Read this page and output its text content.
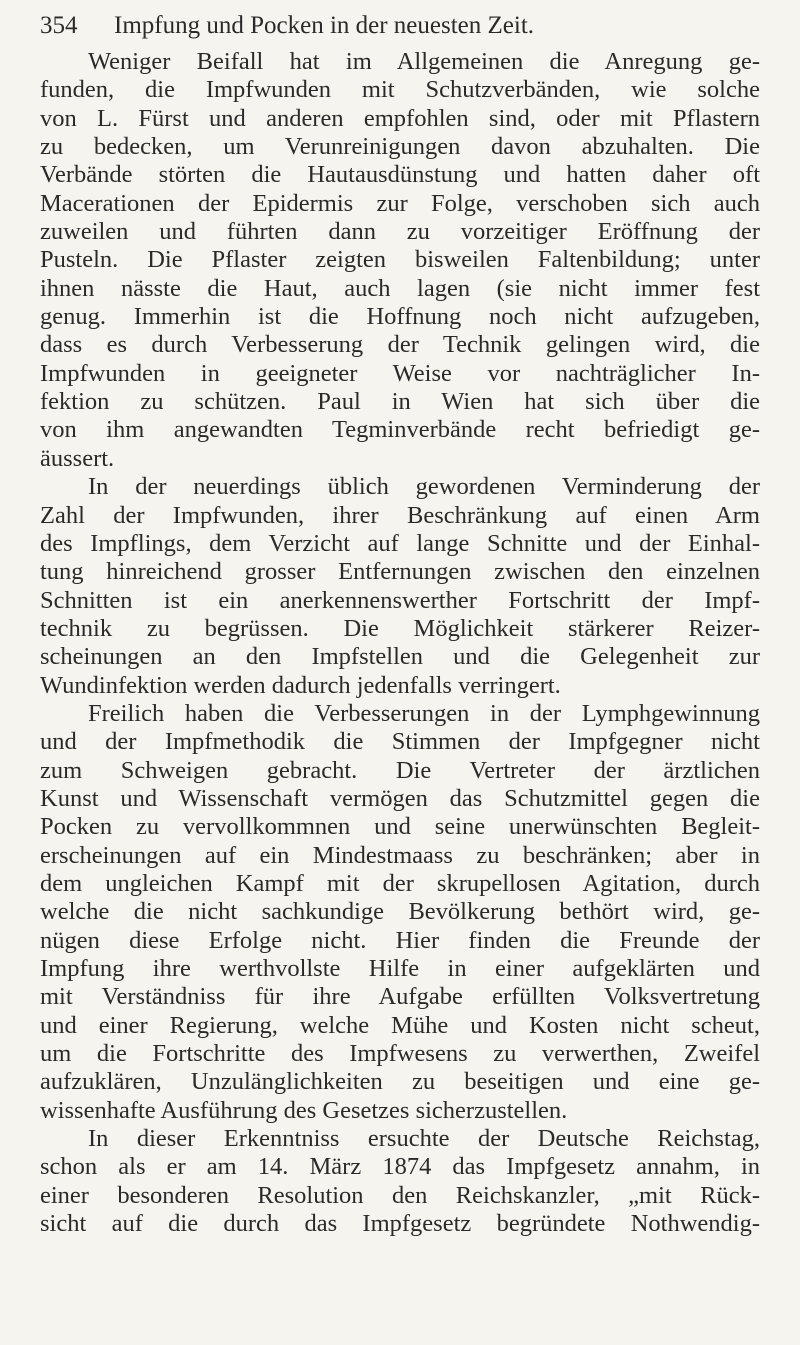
354 Impfung und Pocken in der neuesten Zeit.
Weniger Beifall hat im Allgemeinen die Anregung ge-
funden, die Impfwunden mit Schutzverbänden, wie solche
von L. Fürst und anderen empfohlen sind, oder mit Pflastern
zu bedecken, um Verunreinigungen davon abzuhalten. Die
Verbände störten die Hautausdünstung und hatten daher oft
Macerationen der Epidermis zur Folge, verschoben sich auch
zuweilen und führten dann zu vorzeitiger Eröffnung der
Pusteln. Die Pflaster zeigten bisweilen Faltenbildung; unter
ihnen nässte die Haut, auch lagen (sie nicht immer fest
genug. Immerhin ist die Hoffnung noch nicht aufzugeben,
dass es durch Verbesserung der Technik gelingen wird, die
Impfwunden in geeigneter Weise vor nachträglicher In-
fektion zu schützen. Paul in Wien hat sich über die
von ihm angewandten Tegminverbände recht befriedigt ge-
äussert.
In der neuerdings üblich gewordenen Verminderung der
Zahl der Impfwunden, ihrer Beschränkung auf einen Arm
des Impflings, dem Verzicht auf lange Schnitte und der Einhal-
tung hinreichend grosser Entfernungen zwischen den einzelnen
Schnitten ist ein anerkennenswerther Fortschritt der Impf-
technik zu begrüssen. Die Möglichkeit stärkerer Reizer-
scheinungen an den Impfstellen und die Gelegenheit zur
Wundinfektion werden dadurch jedenfalls verringert.
Freilich haben die Verbesserungen in der Lymphgewinnung
und der Impfmethodik die Stimmen der Impfgegner nicht
zum Schweigen gebracht. Die Vertreter der ärztlichen
Kunst und Wissenschaft vermögen das Schutzmittel gegen die
Pocken zu vervollkommnen und seine unerwünschten Begleit-
erscheinungen auf ein Mindestmaass zu beschränken; aber in
dem ungleichen Kampf mit der skrupellosen Agitation, durch
welche die nicht sachkundige Bevölkerung bethört wird, ge-
nügen diese Erfolge nicht. Hier finden die Freunde der
Impfung ihre werthvollste Hilfe in einer aufgeklärten und
mit Verständniss für ihre Aufgabe erfüllten Volksvertretung
und einer Regierung, welche Mühe und Kosten nicht scheut,
um die Fortschritte des Impfwesens zu verwerthen, Zweifel
aufzuklären, Unzulänglichkeiten zu beseitigen und eine ge-
wissenhafte Ausführung des Gesetzes sicherzustellen.
In dieser Erkenntniss ersuchte der Deutsche Reichstag,
schon als er am 14. März 1874 das Impfgesetz annahm, in
einer besonderen Resolution den Reichskanzler, „mit Rück-
sicht auf die durch das Impfgesetz begründete Nothwendig-
